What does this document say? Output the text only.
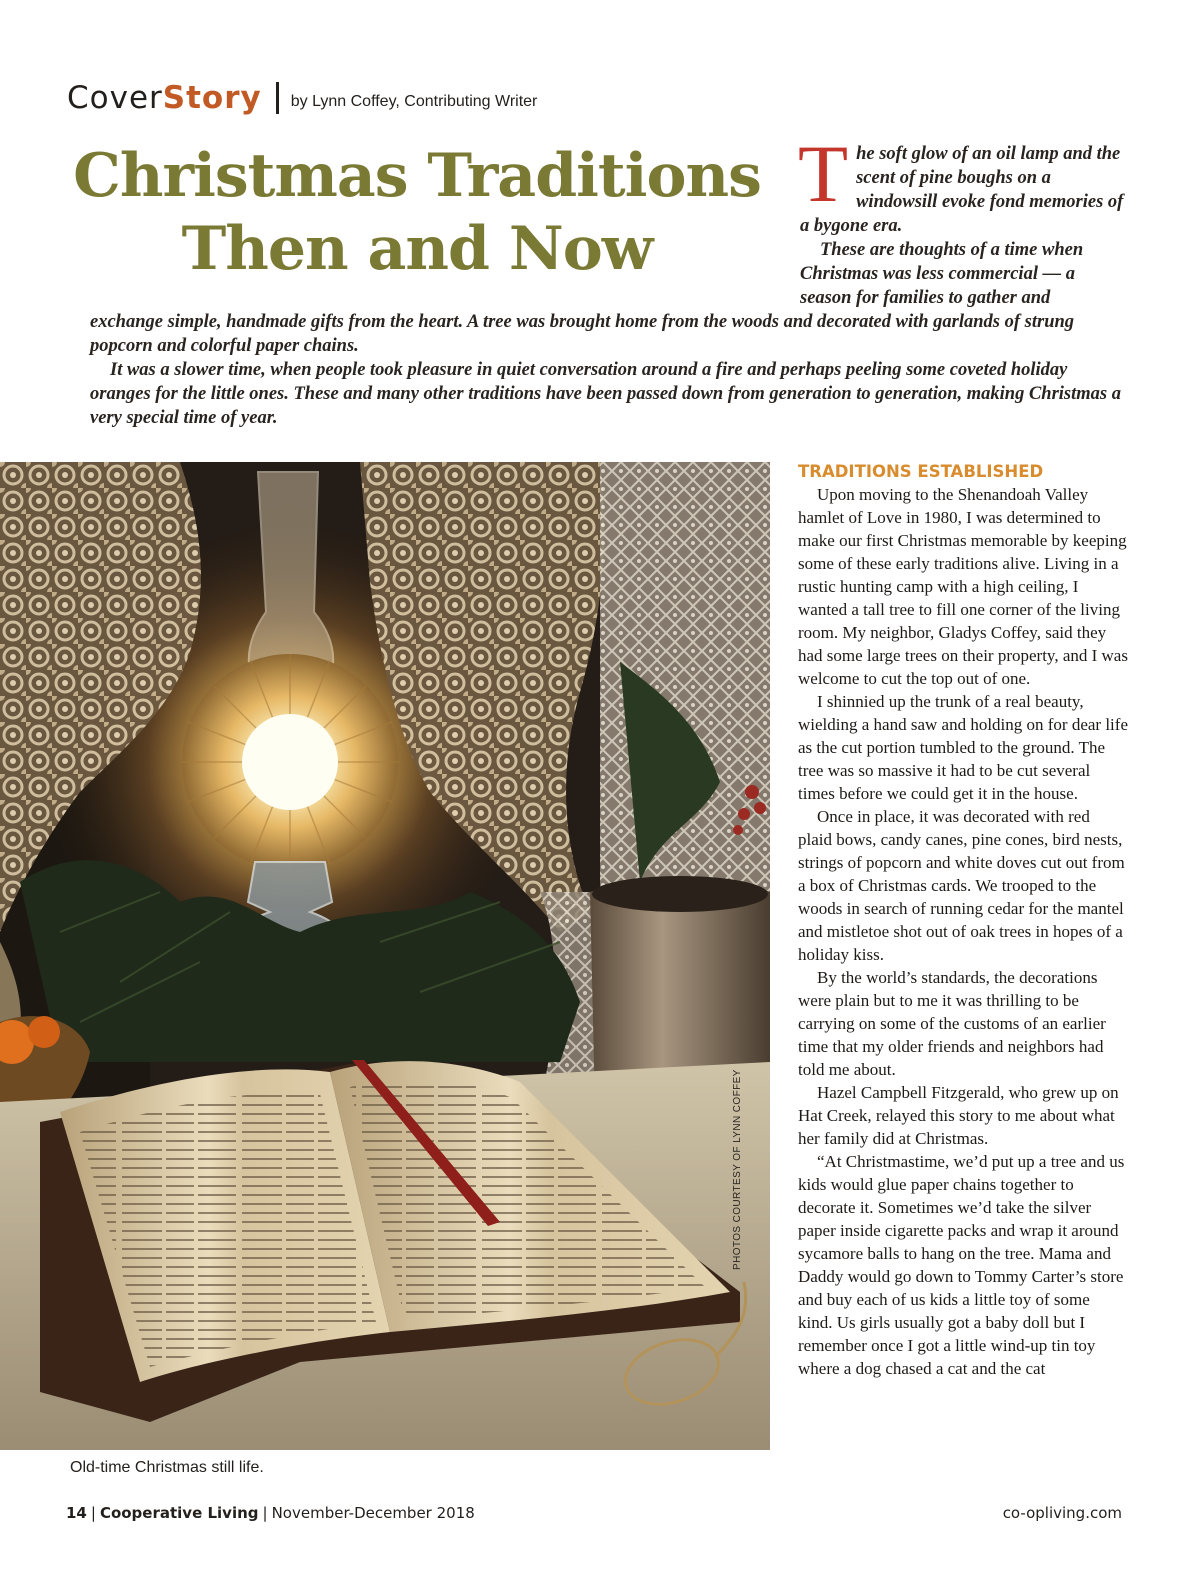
Cover Story by Lynn Coffey, Contributing Writer
Christmas Traditions
Then and Now

The soft glow of an oil lamp and the scent of pine boughs on a windowsill evoke fond memories of a bygone era.

These are thoughts of a time when Christmas was less commercial — a season for families to gather and

exchange simple, handmade gifts from the heart. A tree was brought home from the woods and decorated with garlands of strung popcorn and colorful paper chains.

It was a slower time, when people took pleasure in quiet conversation around a fire and perhaps peeling some coveted holiday oranges for the little ones. These and many other traditions have been passed down from generation to generation, making Christmas a very special time of year.

PHOTOS COURTESY OF LYNN COFFEY
Old-time Christmas still life.
TRADITIONS ESTABLISHED

Upon moving to the Shenandoah Valley hamlet of Love in 1980, I was determined to make our first Christmas memorable by keeping some of these early traditions alive. Living in a rustic hunting camp with a high ceiling, I wanted a tall tree to fill one corner of the living room. My neighbor, Gladys Coffey, said they had some large trees on their property, and I was welcome to cut the top out of one.

I shinnied up the trunk of a real beauty, wielding a hand saw and holding on for dear life as the cut portion tumbled to the ground. The tree was so massive it had to be cut several times before we could get it in the house.

Once in place, it was decorated with red plaid bows, candy canes, pine cones, bird nests, strings of popcorn and white doves cut out from a box of Christmas cards. We trooped to the woods in search of running cedar for the mantel and mistletoe shot out of oak trees in hopes of a holiday kiss.

By the world’s standards, the decorations were plain but to me it was thrilling to be carrying on some of the customs of an earlier time that my older friends and neighbors had told me about.

Hazel Campbell Fitzgerald, who grew up on Hat Creek, relayed this story to me about what her family did at Christmas.

“At Christmastime, we’d put up a tree and us kids would glue paper chains together to decorate it. Sometimes we’d take the silver paper inside cigarette packs and wrap it around sycamore balls to hang on the tree. Mama and Daddy would go down to Tommy Carter’s store and buy each of us kids a little toy of some kind. Us girls usually got a baby doll but I remember once I got a little wind-up tin toy where a dog chased a cat and the cat

14 | Cooperative Living | November-December 2018	co-opliving.com
